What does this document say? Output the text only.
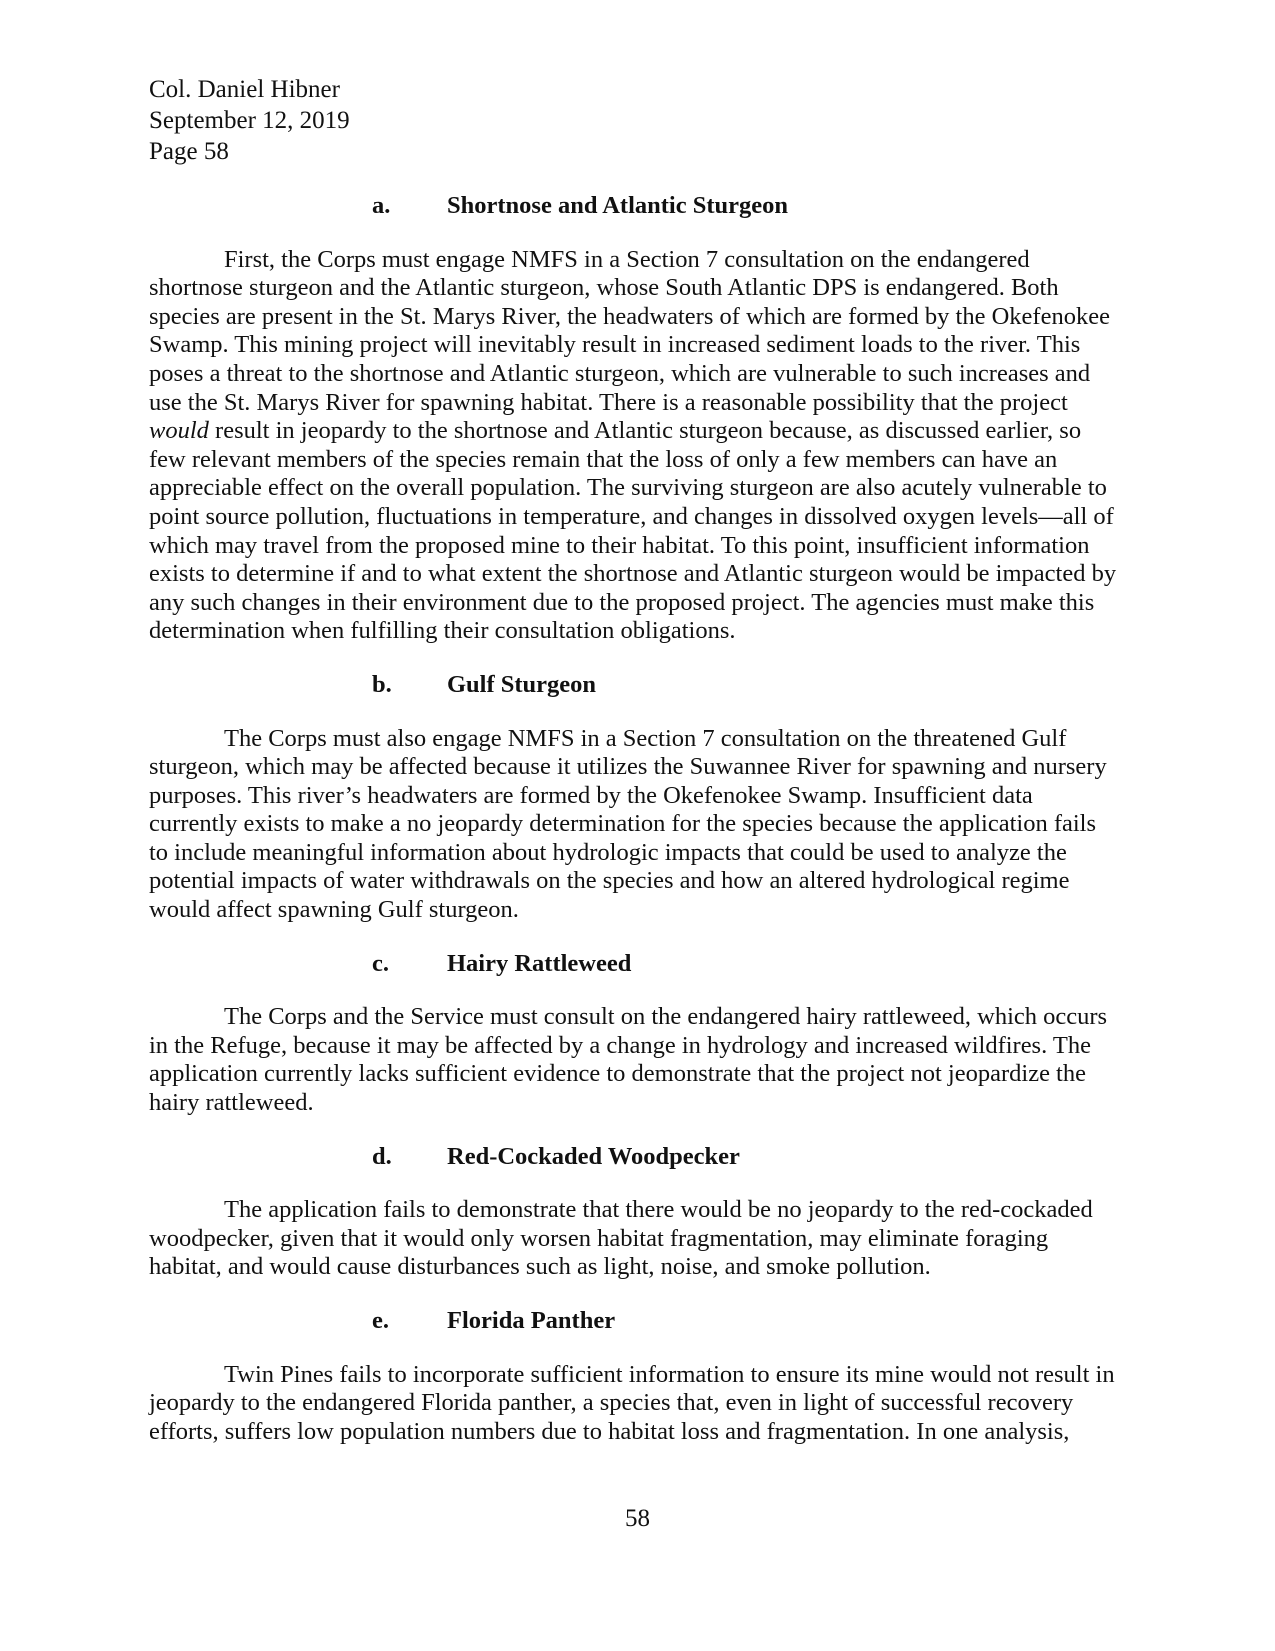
Col. Daniel Hibner
September 12, 2019
Page 58
a. Shortnose and Atlantic Sturgeon

First, the Corps must engage NMFS in a Section 7 consultation on the endangered shortnose sturgeon and the Atlantic sturgeon, whose South Atlantic DPS is endangered. Both species are present in the St. Marys River, the headwaters of which are formed by the Okefenokee Swamp. This mining project will inevitably result in increased sediment loads to the river. This poses a threat to the shortnose and Atlantic sturgeon, which are vulnerable to such increases and use the St. Marys River for spawning habitat. There is a reasonable possibility that the project would result in jeopardy to the shortnose and Atlantic sturgeon because, as discussed earlier, so few relevant members of the species remain that the loss of only a few members can have an appreciable effect on the overall population. The surviving sturgeon are also acutely vulnerable to point source pollution, fluctuations in temperature, and changes in dissolved oxygen levels—all of which may travel from the proposed mine to their habitat. To this point, insufficient information exists to determine if and to what extent the shortnose and Atlantic sturgeon would be impacted by any such changes in their environment due to the proposed project. The agencies must make this determination when fulfilling their consultation obligations.

b. Gulf Sturgeon

The Corps must also engage NMFS in a Section 7 consultation on the threatened Gulf sturgeon, which may be affected because it utilizes the Suwannee River for spawning and nursery purposes. This river’s headwaters are formed by the Okefenokee Swamp. Insufficient data currently exists to make a no jeopardy determination for the species because the application fails to include meaningful information about hydrologic impacts that could be used to analyze the potential impacts of water withdrawals on the species and how an altered hydrological regime would affect spawning Gulf sturgeon.

c. Hairy Rattleweed

The Corps and the Service must consult on the endangered hairy rattleweed, which occurs in the Refuge, because it may be affected by a change in hydrology and increased wildfires. The application currently lacks sufficient evidence to demonstrate that the project not jeopardize the hairy rattleweed.

d. Red-Cockaded Woodpecker

The application fails to demonstrate that there would be no jeopardy to the red-cockaded woodpecker, given that it would only worsen habitat fragmentation, may eliminate foraging habitat, and would cause disturbances such as light, noise, and smoke pollution.

e. Florida Panther

Twin Pines fails to incorporate sufficient information to ensure its mine would not result in jeopardy to the endangered Florida panther, a species that, even in light of successful recovery efforts, suffers low population numbers due to habitat loss and fragmentation. In one analysis,

58
